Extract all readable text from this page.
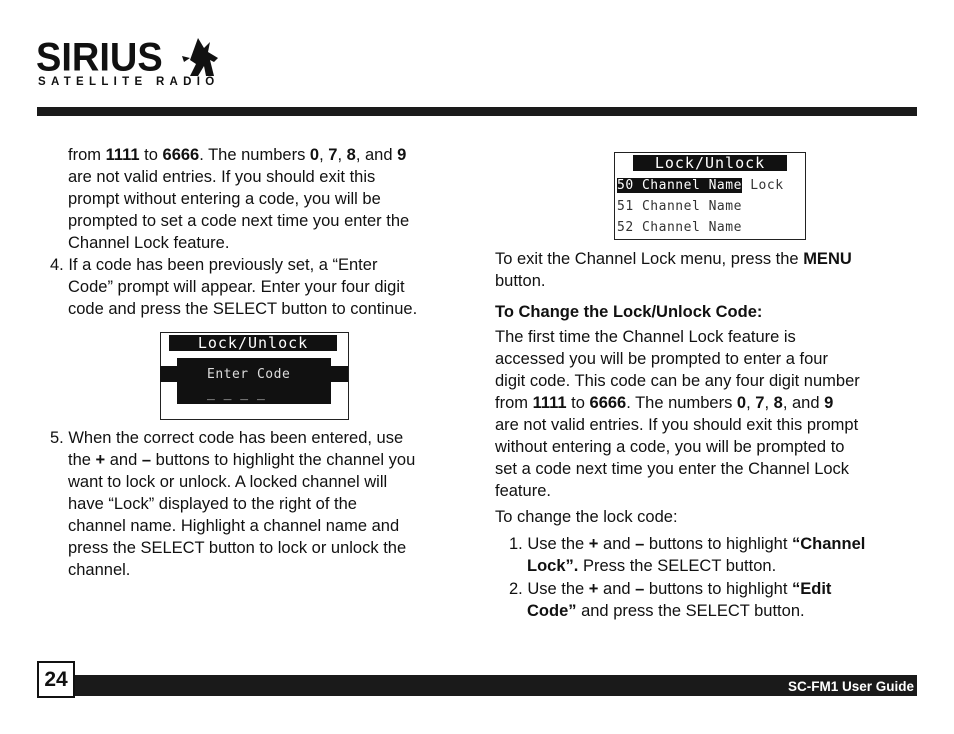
SIRIUS
SATELLITE RADIO

from 1111 to 6666. The numbers 0, 7, 8, and 9

are not valid entries. If you should exit this

prompt without entering a code, you will be

prompted to set a code next time you enter the

Channel Lock feature.

4. If a code has been previously set, a “Enter

Code” prompt will appear. Enter your four digit

code and press the SELECT button to continue.

Lock/Unlock
Enter Code
_ _ _ _

5. When the correct code has been entered, use

the + and – buttons to highlight the channel you

want to lock or unlock. A locked channel will

have “Lock” displayed to the right of the

channel name. Highlight a channel name and

press the SELECT button to lock or unlock the

channel.

Lock/Unlock
50 Channel Name Lock
51 Channel Name
52 Channel Name

To exit the Channel Lock menu, press the MENU

button.

To Change the Lock/Unlock Code:

The first time the Channel Lock feature is

accessed you will be prompted to enter a four

digit code. This code can be any four digit number

from 1111 to 6666. The numbers 0, 7, 8, and 9

are not valid entries. If you should exit this prompt

without entering a code, you will be prompted to

set a code next time you enter the Channel Lock

feature.

To change the lock code:

1. Use the + and – buttons to highlight “Channel

Lock”. Press the SELECT button.

2. Use the + and – buttons to highlight “Edit

Code” and press the SELECT button.

24	SC-FM1 User Guide
